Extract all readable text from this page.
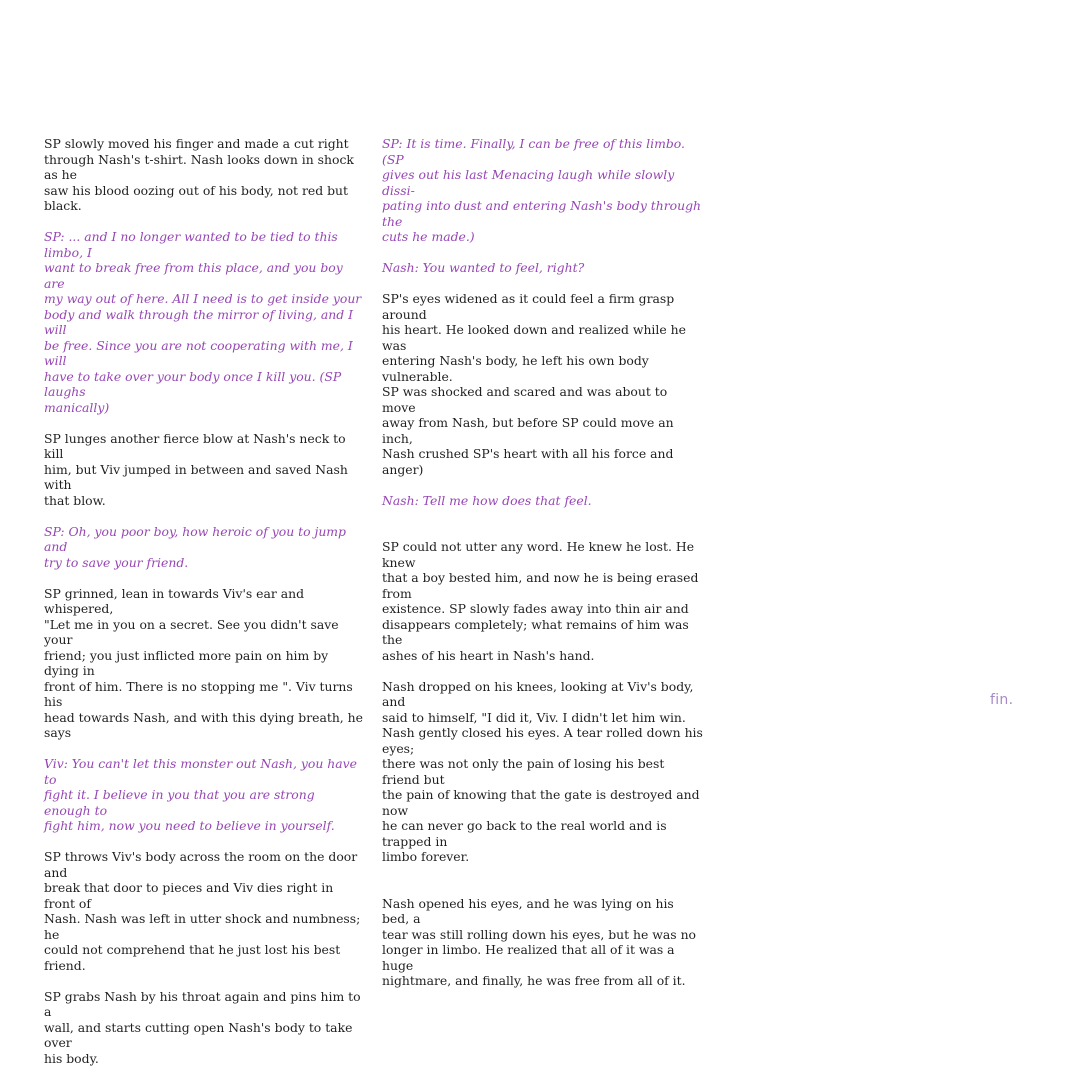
SP slowly moved his finger and made a cut right
through Nash's t-shirt. Nash looks down in shock as he
saw his blood oozing out of his body, not red but black.

SP: ... and I no longer wanted to be tied to this limbo, I
want to break free from this place, and you boy are
my way out of here. All I need is to get inside your
body and walk through the mirror of living, and I will
be free. Since you are not cooperating with me, I will
have to take over your body once I kill you. (SP laughs
manically)

SP lunges another fierce blow at Nash's neck to kill
him, but Viv jumped in between and saved Nash with
that blow.

SP: Oh, you poor boy, how heroic of you to jump and
try to save your friend.

SP grinned, lean in towards Viv's ear and whispered,
"Let me in you on a secret. See you didn't save your
friend; you just inflicted more pain on him by dying in
front of him. There is no stopping me ". Viv turns his
head towards Nash, and with this dying breath, he says

Viv: You can't let this monster out Nash, you have to
fight it. I believe in you that you are strong enough to
fight him, now you need to believe in yourself.

SP throws Viv's body across the room on the door and
break that door to pieces and Viv dies right in front of
Nash. Nash was left in utter shock and numbness; he
could not comprehend that he just lost his best friend.

SP grabs Nash by his throat again and pins him to a
wall, and starts cutting open Nash's body to take over
his body.

SP: It is time. Finally, I can be free of this limbo. (SP
gives out his last Menacing laugh while slowly dissi-
pating into dust and entering Nash's body through the
cuts he made.)

Nash: You wanted to feel, right?

SP's eyes widened as it could feel a firm grasp around
his heart. He looked down and realized while he was
entering Nash's body, he left his own body vulnerable.
SP was shocked and scared and was about to move
away from Nash, but before SP could move an inch,
Nash crushed SP's heart with all his force and anger)

Nash: Tell me how does that feel.

SP could not utter any word. He knew he lost. He knew
that a boy bested him, and now he is being erased from
existence. SP slowly fades away into thin air and
disappears completely; what remains of him was the
ashes of his heart in Nash's hand.

Nash dropped on his knees, looking at Viv's body, and
said to himself, "I did it, Viv. I didn't let him win.
Nash gently closed his eyes. A tear rolled down his eyes;
there was not only the pain of losing his best friend but
the pain of knowing that the gate is destroyed and now
he can never go back to the real world and is trapped in
limbo forever.

Nash opened his eyes, and he was lying on his bed, a
tear was still rolling down his eyes, but he was no
longer in limbo. He realized that all of it was a huge
nightmare, and finally, he was free from all of it.

fin.
